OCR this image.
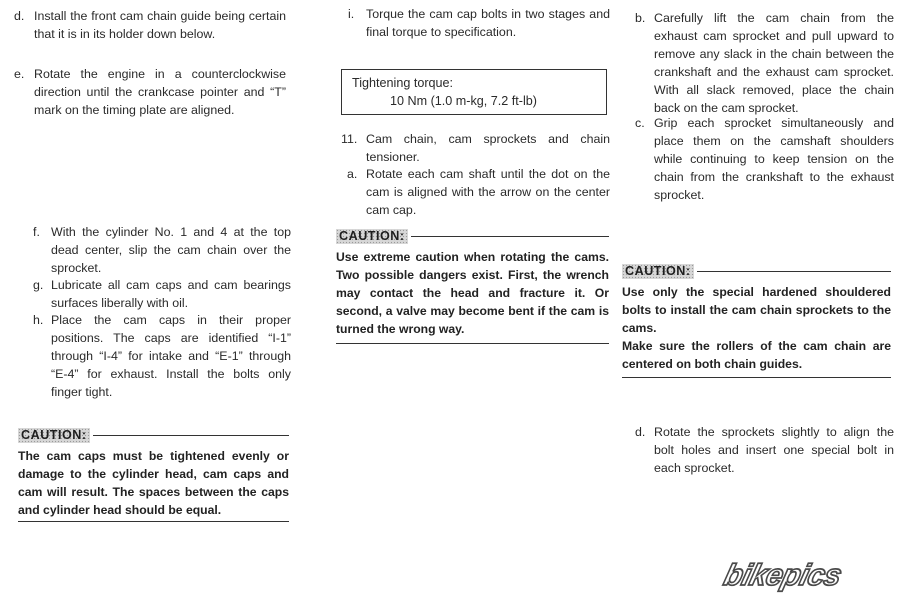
d. Install the front cam chain guide being certain that it is in its holder down below.
e. Rotate the engine in a counterclockwise direction until the crankcase pointer and “T” mark on the timing plate are aligned.
f. With the cylinder No. 1 and 4 at the top dead center, slip the cam chain over the sprocket.
g. Lubricate all cam caps and cam bearings surfaces liberally with oil.
h. Place the cam caps in their proper positions. The caps are identified “I-1” through “I-4” for intake and “E-1” through “E-4” for exhaust. Install the bolts only finger tight.
CAUTION:
The cam caps must be tightened evenly or damage to the cylinder head, cam caps and cam will result. The spaces between the caps and cylinder head should be equal.
i. Torque the cam cap bolts in two stages and final torque to specification.
Tightening torque:
10 Nm (1.0 m-kg, 7.2 ft-lb)
11. Cam chain, cam sprockets and chain tensioner.
a. Rotate each cam shaft until the dot on the cam is aligned with the arrow on the center cam cap.
CAUTION:
Use extreme caution when rotating the cams. Two possible dangers exist. First, the wrench may contact the head and fracture it. Or second, a valve may become bent if the cam is turned the wrong way.
b. Carefully lift the cam chain from the exhaust cam sprocket and pull upward to remove any slack in the chain between the crankshaft and the exhaust cam sprocket. With all slack removed, place the chain back on the cam sprocket.
c. Grip each sprocket simultaneously and place them on the camshaft shoulders while continuing to keep tension on the chain from the crankshaft to the exhaust sprocket.
CAUTION:

Use only the special hardened shouldered bolts to install the cam chain sprockets to the cams.

Make sure the rollers of the cam chain are centered on both chain guides.

d. Rotate the sprockets slightly to align the bolt holes and insert one special bolt in each sprocket.
bikepics
